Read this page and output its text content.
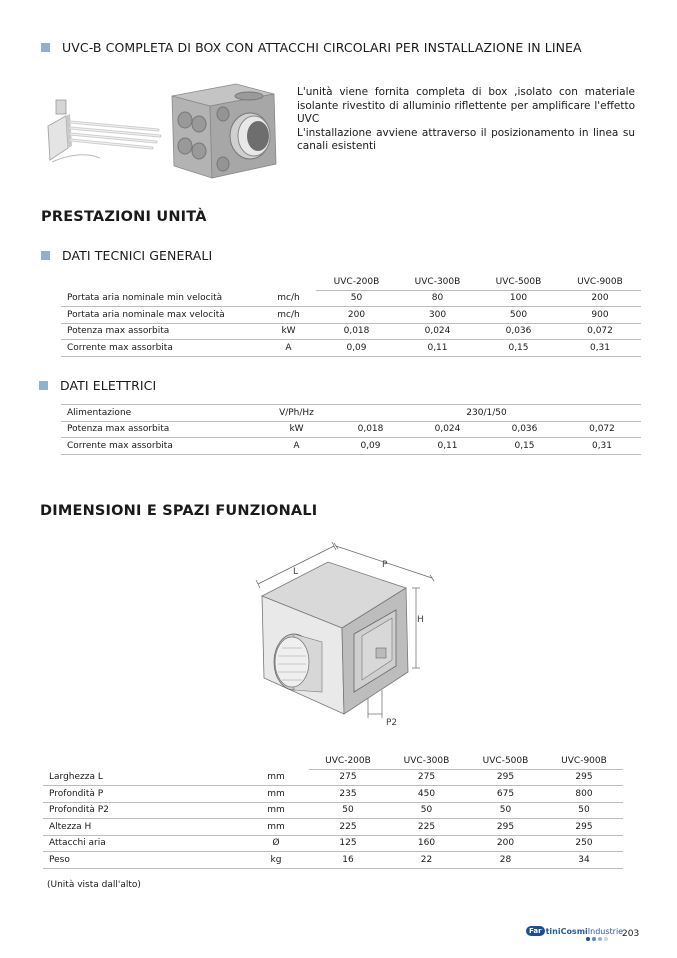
UVC-B COMPLETA DI BOX CON ATTACCHI CIRCOLARI PER INSTALLAZIONE IN LINEA

L'unità viene fornita completa di box ,isolato con materiale isolante rivestito di alluminio riflettente per amplificare l'effetto UVC

L'installazione avviene attraverso il posizionamento in linea su canali esistenti

PRESTAZIONI UNITÀ
DATI TECNICI GENERALI
		UVC-200B	UVC-300B	UVC-500B	UVC-900B
Portata aria nominale min velocità	mc/h	50	80	100	200
Portata aria nominale max velocità	mc/h	200	300	500	900
Potenza max assorbita	kW	0,018	0,024	0,036	0,072
Corrente max assorbita	A	0,09	0,11	0,15	0,31
DATI ELETTRICI
Alimentazione	V/Ph/Hz	230/1/50			
Potenza max assorbita	kW	0,018	0,024	0,036	0,072
Corrente max assorbita	A	0,09	0,11	0,15	0,31
DIMENSIONI E SPAZI FUNZIONALI
L
P
H
P2
		UVC-200B	UVC-300B	UVC-500B	UVC-900B
Larghezza L	mm	275	275	295	295
Profondità P	mm	235	450	675	800
Profondità P2	mm	50	50	50	50
Altezza H	mm	225	225	295	295
Attacchi aria	Ø	125	160	200	250
Peso	kg	16	22	28	34
(Unità vista dall'alto)
Far tiniCosmi Industrie
203
